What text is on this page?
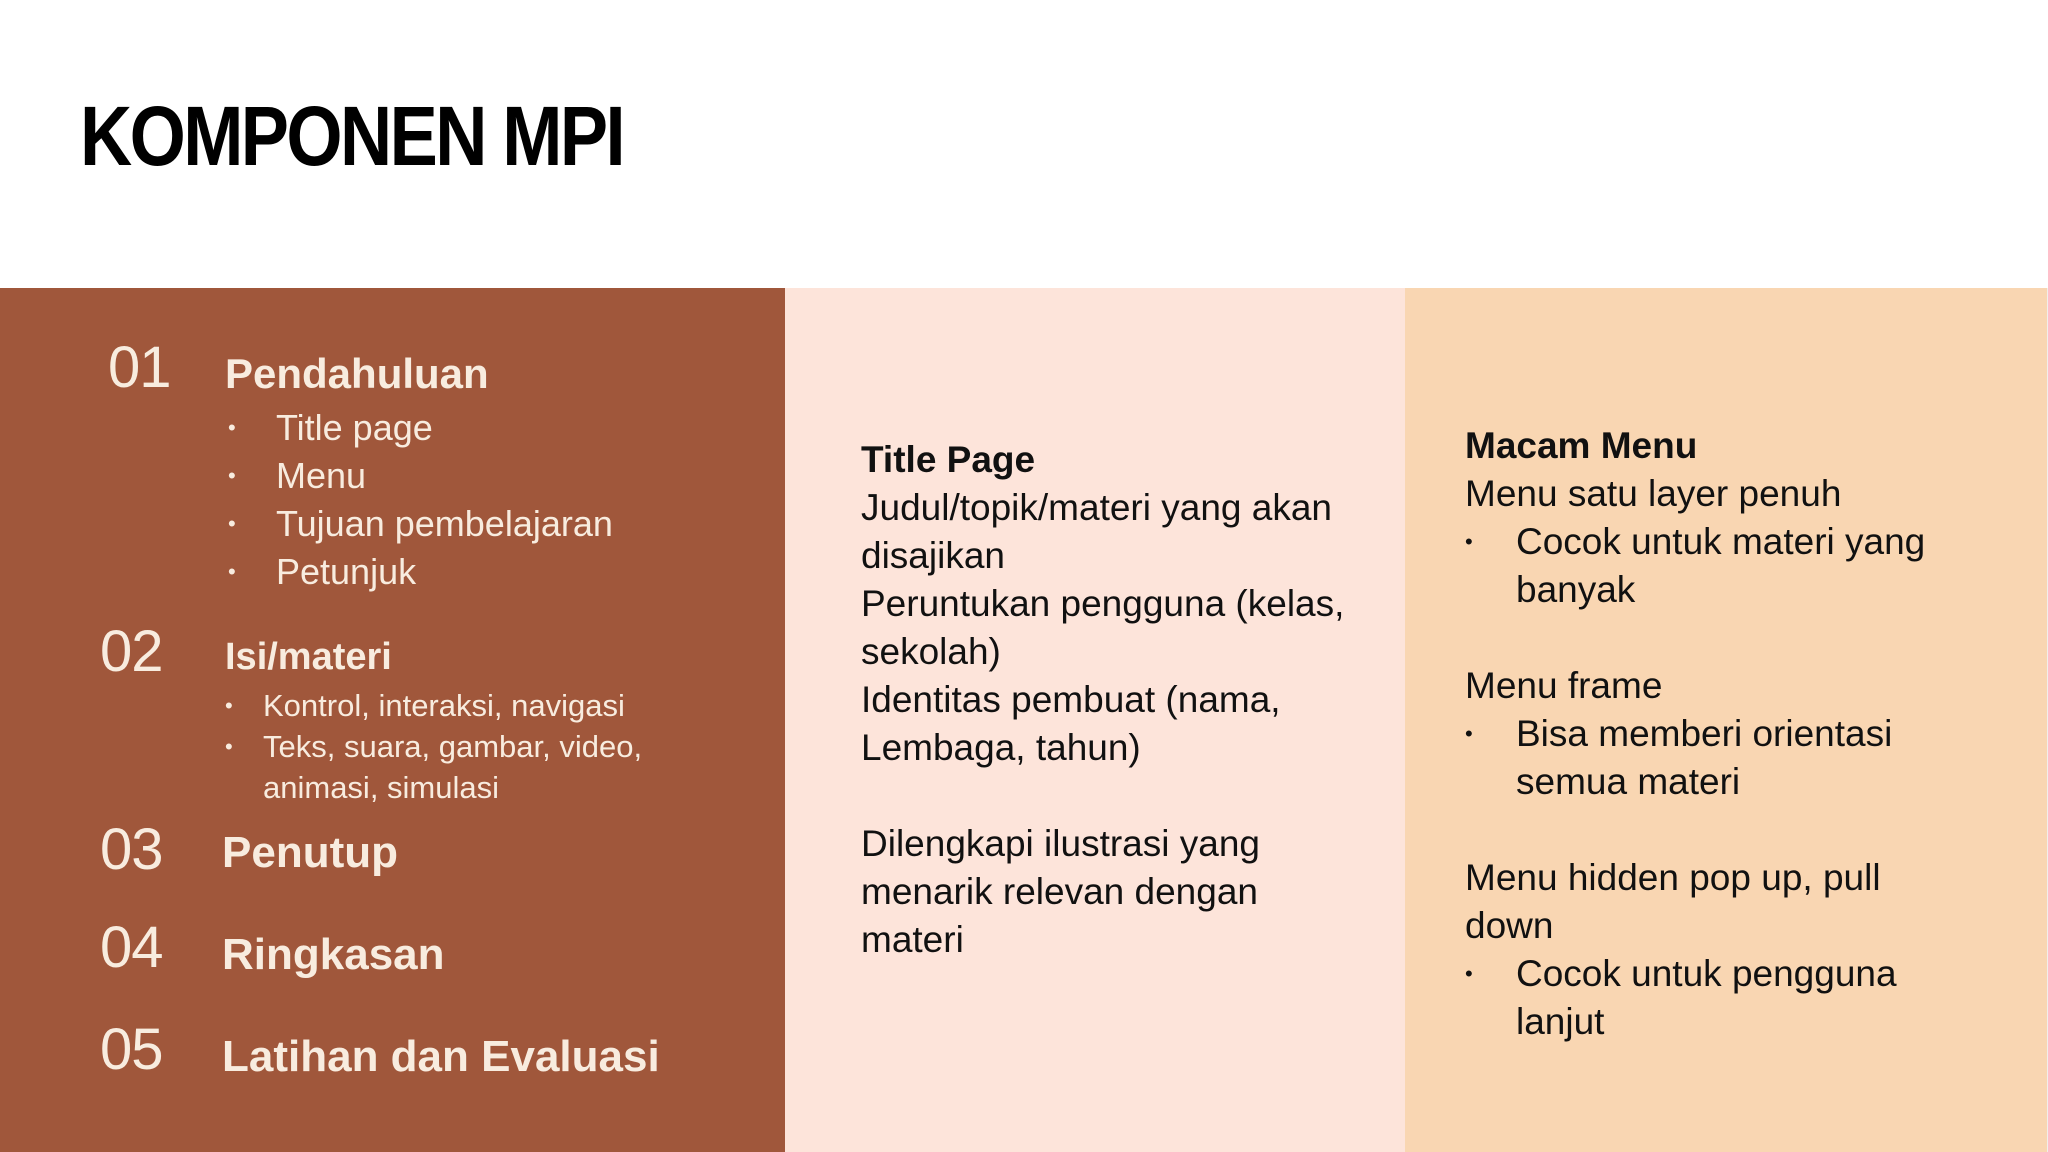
KOMPONEN MPI
01 Pendahuluan
• Title page
• Menu
• Tujuan pembelajaran
• Petunjuk
02 Isi/materi
• Kontrol, interaksi, navigasi
• Teks, suara, gambar, video,
animasi, simulasi
03 Penutup
04 Ringkasan
05 Latihan dan Evaluasi

Title Page

Judul/topik/materi yang akan

disajikan

Peruntukan pengguna (kelas,

sekolah)

Identitas pembuat (nama,

Lembaga, tahun)

Dilengkapi ilustrasi yang

menarik relevan dengan

materi

Macam Menu

Menu satu layer penuh

• Cocok untuk materi yang
banyak

Menu frame

• Bisa memberi orientasi
semua materi

Menu hidden pop up, pull

down

• Cocok untuk pengguna
lanjut
